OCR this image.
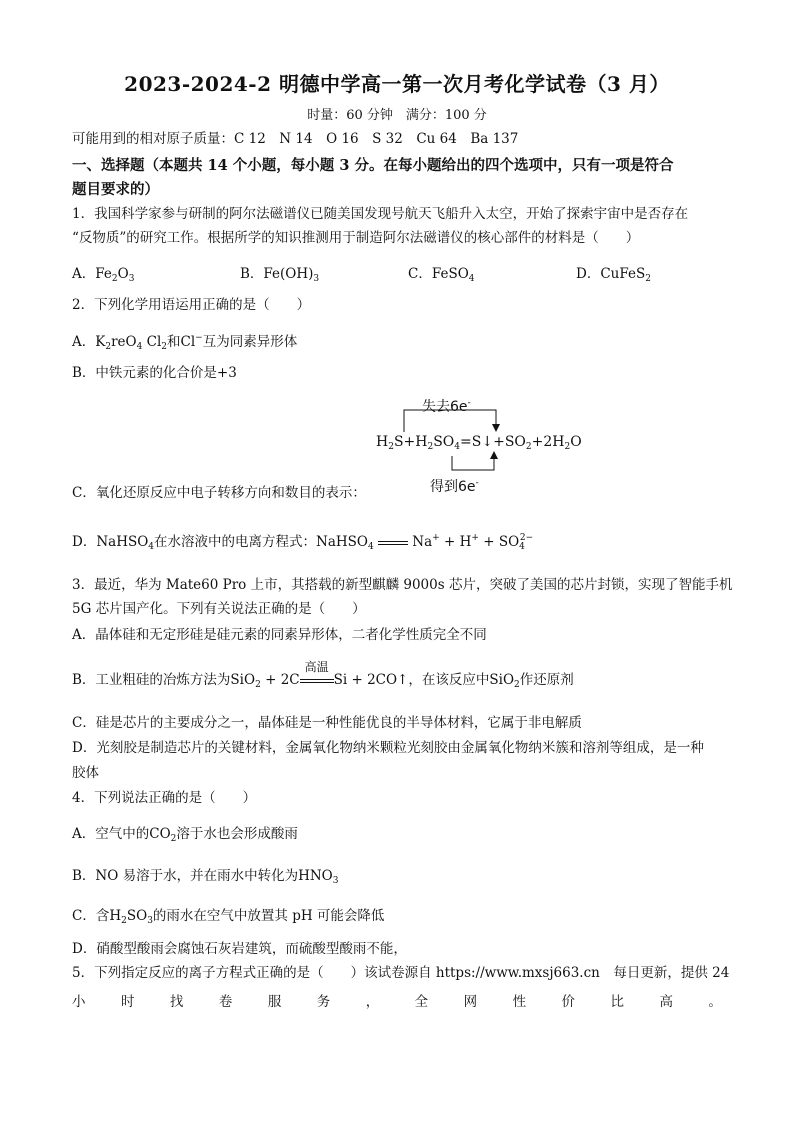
2023-2024-2 明德中学高一第一次月考化学试卷（3 月）
时量：60 分钟　满分：100 分
可能用到的相对原子质量：C 12　N 14　O 16　S 32　Cu 64　Ba 137
一、选择题（本题共 14 个小题，每小题 3 分。在每小题给出的四个选项中，只有一项是符合
题目要求的）
1．我国科学家参与研制的阿尔法磁谱仪已随美国发现号航天飞船升入太空，开始了探索宇宙中是否存在
“反物质”的研究工作。根据所学的知识推测用于制造阿尔法磁谱仪的核心部件的材料是（　　）
A．$Fe_2O_3$	B．$Fe(OH)_3$	C．FeSO$_4$	D．CuFeS$_2$
2．下列化学用语运用正确的是（　　）
A．$K_2reO_4$ $Cl_2$和Cl−互为同素异形体
B．中铁元素的化合价是+3
失去6e-
$H_2S+H_2SO_4=S↓+SO_2+2H_2O$
得到6e-
C．氧化还原反应中电子转移方向和数目的表示：
D．NaHSO$_4$在水溶液中的电离方程式：NaHSO$_4$	$Na^+ + H^+ + SO_4^{2-}$
3．最近，华为 Mate60 Pro 上市，其搭载的新型麒麟 9000s 芯片，突破了美国的芯片封锁，实现了智能手机
5G 芯片国产化。下列有关说法正确的是（　　）
A．晶体硅和无定形硅是硅元素的同素异形体，二者化学性质完全不同
B．工业粗硅的冶炼方法为SiO$_2$ + 2C
高温
Si + 2CO↑，在该反应中SiO$_2$作还原剂
C．硅是芯片的主要成分之一，晶体硅是一种性能优良的半导体材料，它属于非电解质
D．光刻胶是制造芯片的关键材料，金属氧化物纳米颗粒光刻胶由金属氧化物纳米簇和溶剂等组成，是一种
胶体
4．下列说法正确的是（　　）
A．空气中的$CO_2$溶于水也会形成酸雨
B．NO 易溶于水，并在雨水中转化为$HNO_3$
C．含$H_2SO_3$的雨水在空气中放置其 pH 可能会降低
D．硝酸型酸雨会腐蚀石灰岩建筑，而硫酸型酸雨不能，
5．下列指定反应的离子方程式正确的是（　　）该试卷源自 https://www.mxsj663.cn　每日更新，提供 24
小	时	找	卷	服	务	，	全	网	性	价	比	高	。
